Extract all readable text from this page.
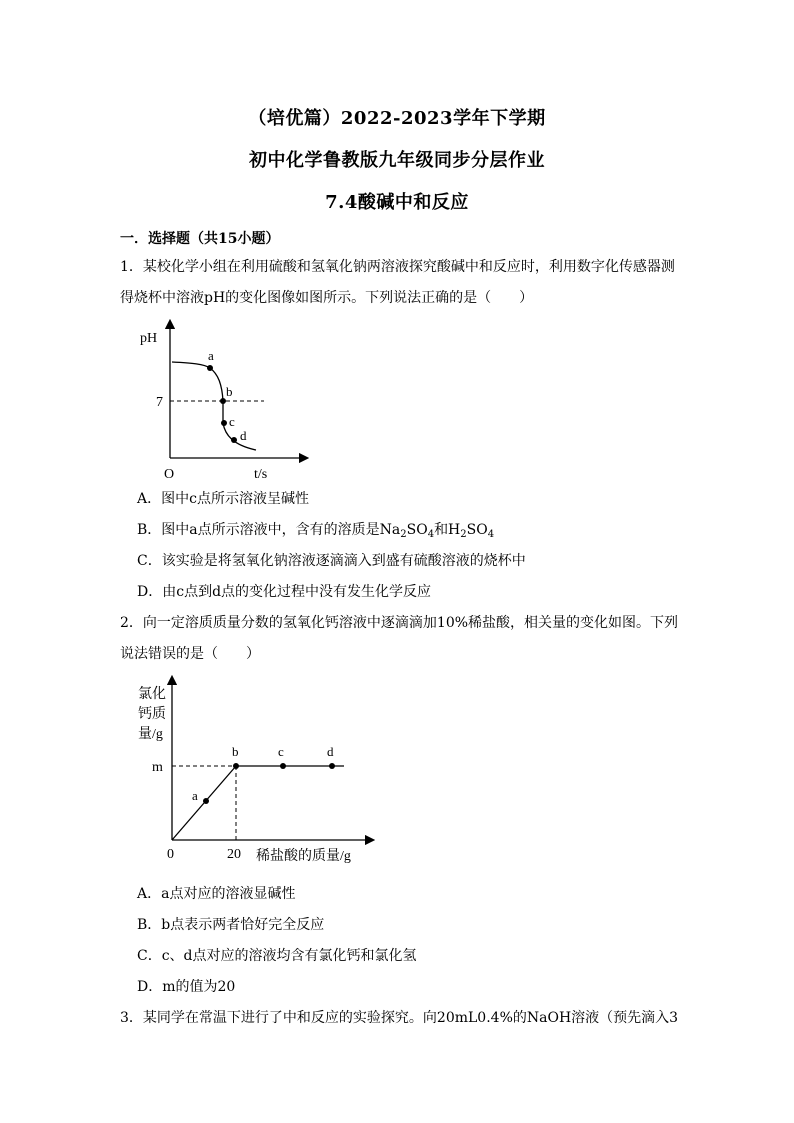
（培优篇）2022-2023学年下学期
初中化学鲁教版九年级同步分层作业
7.4酸碱中和反应
一．选择题（共15小题）
1．某校化学小组在利用硫酸和氢氧化钠两溶液探究酸碱中和反应时，利用数字化传感器测得烧杯中溶液pH的变化图像如图所示。下列说法正确的是（　　）
pH
7
O	t/s
a
b
c
d
A．图中c点所示溶液呈碱性
B．图中a点所示溶液中，含有的溶质是$Na_2SO_4$和$H_2SO_4$
C．该实验是将氢氧化钠溶液逐滴滴入到盛有硫酸溶液的烧杯中
D．由c点到d点的变化过程中没有发生化学反应
2．向一定溶质质量分数的氢氧化钙溶液中逐滴滴加10%稀盐酸，相关量的变化如图。下列说法错误的是（　　）
氯化
钙质
量/g
m
0	20 稀盐酸的质量/g
a
b	c	d
A．a点对应的溶液显碱性
B．b点表示两者恰好完全反应
C．c、d点对应的溶液均含有氯化钙和氯化氢
D．m的值为20
3．某同学在常温下进行了中和反应的实验探究。向20mL0.4%的NaOH溶液（预先滴入3
